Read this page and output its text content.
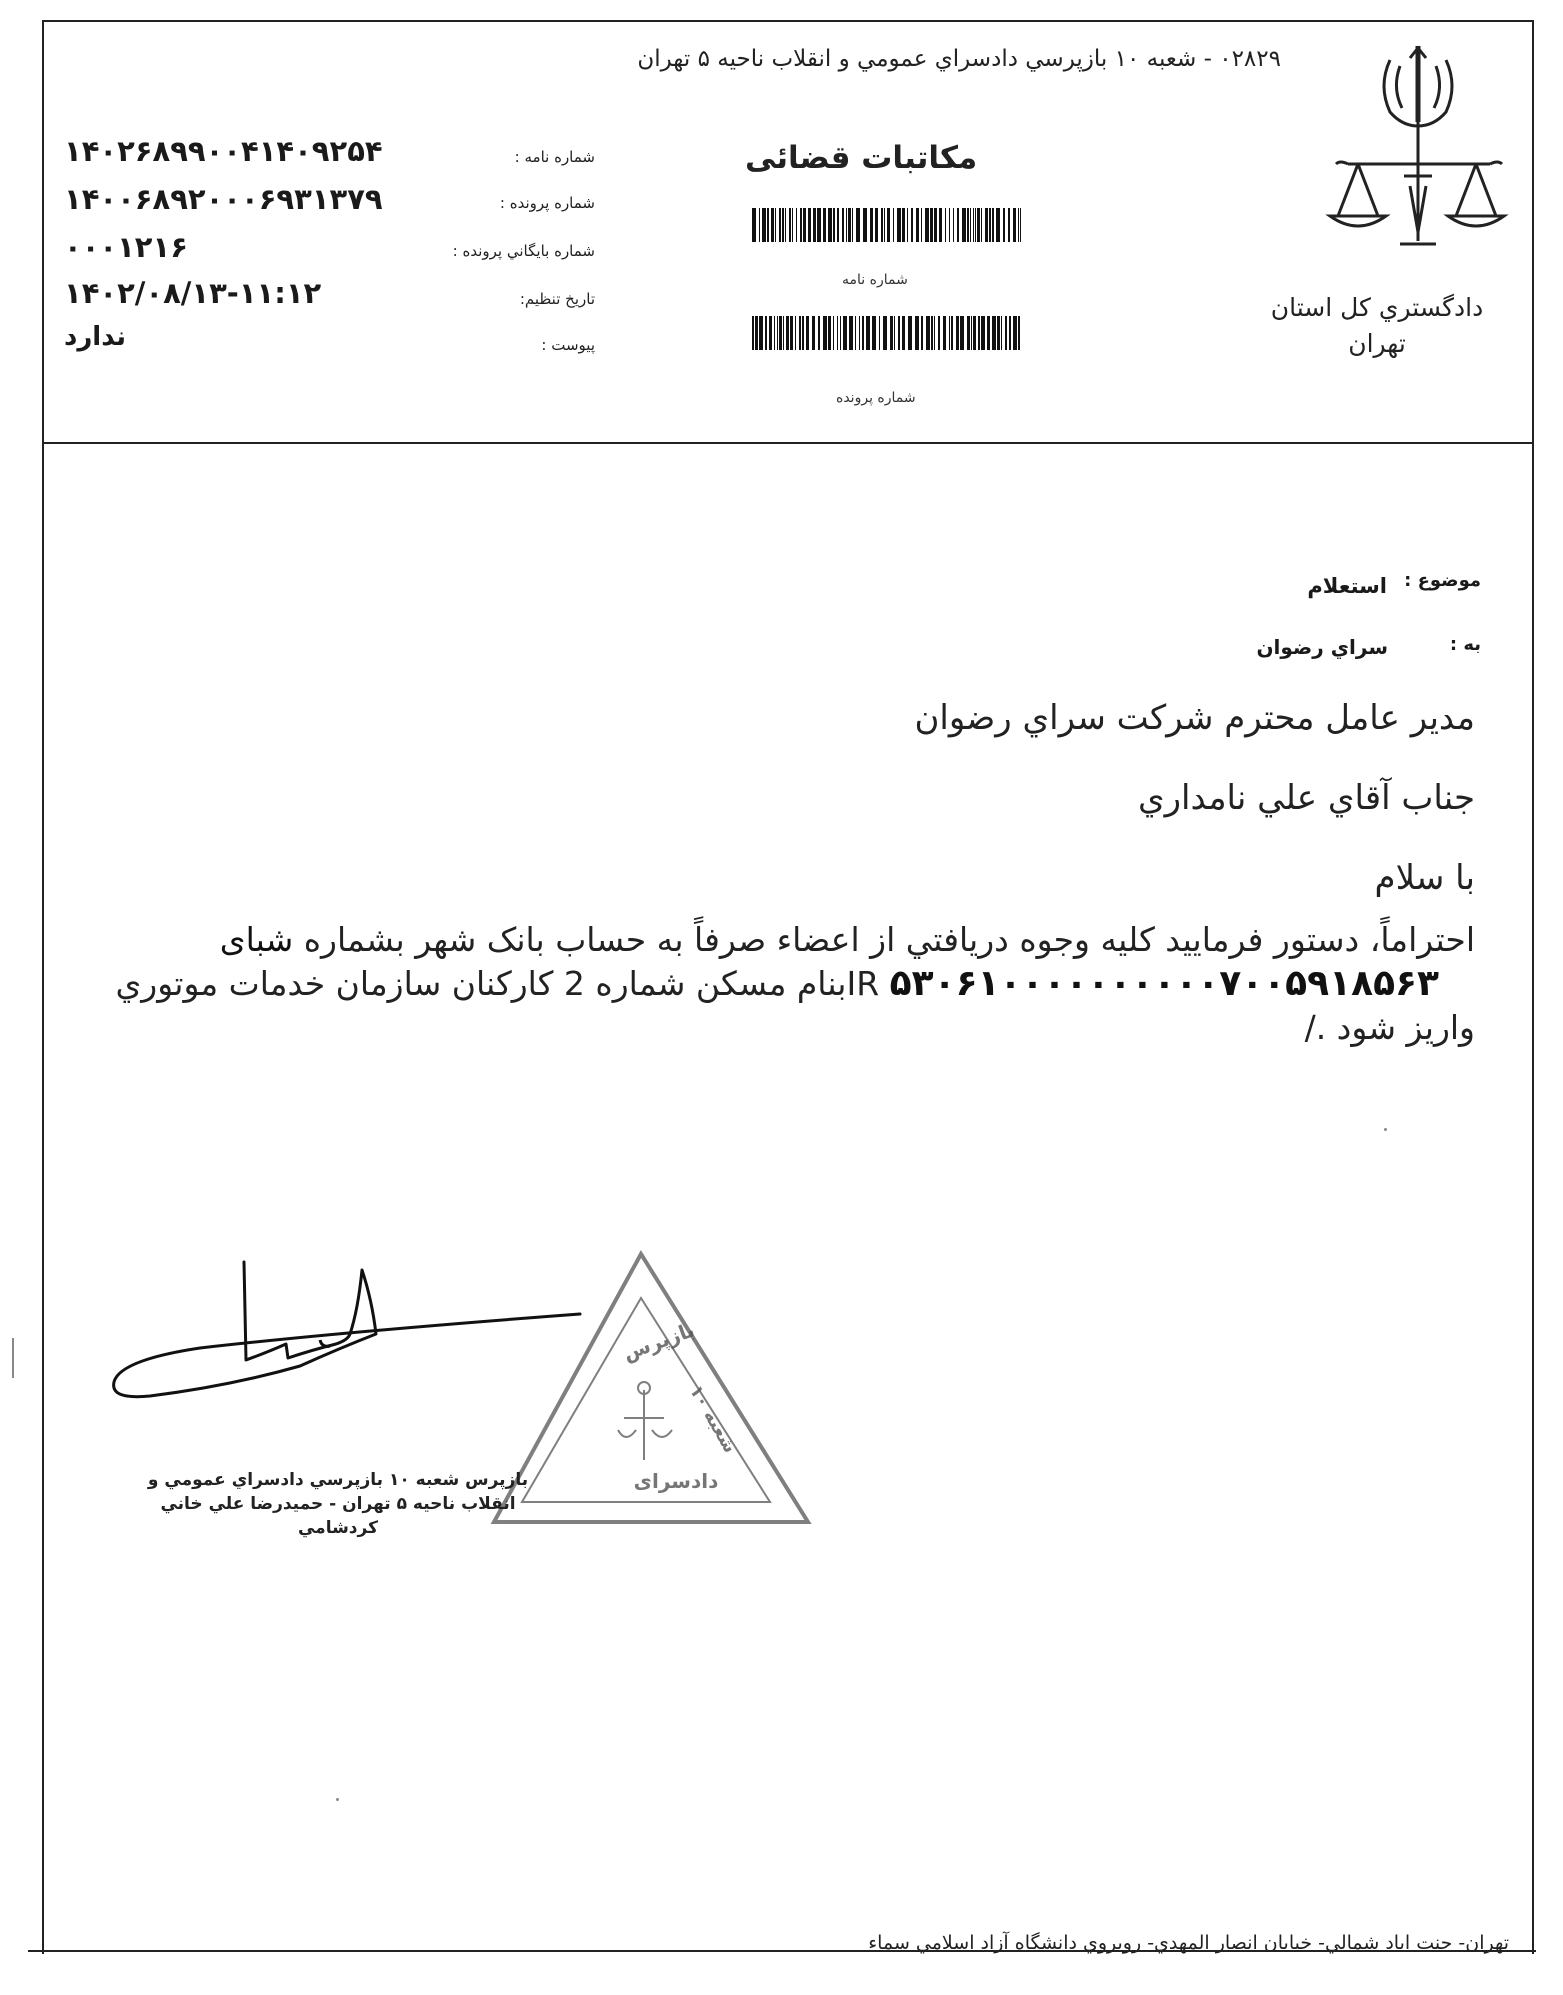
۰۲۸۲۹ - شعبه ۱۰ بازپرسي دادسراي عمومي و انقلاب ناحيه ۵ تهران
دادگستري کل استان
تهران
مکاتبات قضائی
شماره نامه
شماره پرونده
شماره نامه :
شماره پرونده :
شماره بايگاني پرونده :
تاريخ تنظيم:
پيوست :
۱۴۰۲۶۸۹۹۰۰۴۱۴۰۹۲۵۴
۱۴۰۰۶۸۹۲۰۰۰۶۹۳۱۳۷۹
۰۰۰۱۲۱۶
۱۴۰۲/۰۸/۱۳-۱۱:۱۲
ندارد
موضوع :
استعلام
به :
سراي رضوان
مدير عامل محترم شرکت سراي رضوان
جناب آقاي علي نامداري
با سلام
احتراماً، دستور فرماييد کليه وجوه دريافتي از اعضاء صرفاً به حساب بانک شهر بشماره شبای
۵۳۰۶۱۰۰۰۰۰۰۰۰۰۰۷۰۰۵۹۱۸۵۶۳ IRبنام مسکن شماره 2 کارکنان سازمان خدمات موتوري
واريز شود ./
بازپرس
شعبه ۱۰
دادسرای
بازپرس شعبه ۱۰ بازپرسي دادسراي عمومي و
انقلاب ناحيه ۵ تهران - حميدرضا علي خاني
کردشامي
تهران- جنت اباد شمالي- خيابان انصار المهدي- روبروي دانشگاه آزاد اسلامي سماء
